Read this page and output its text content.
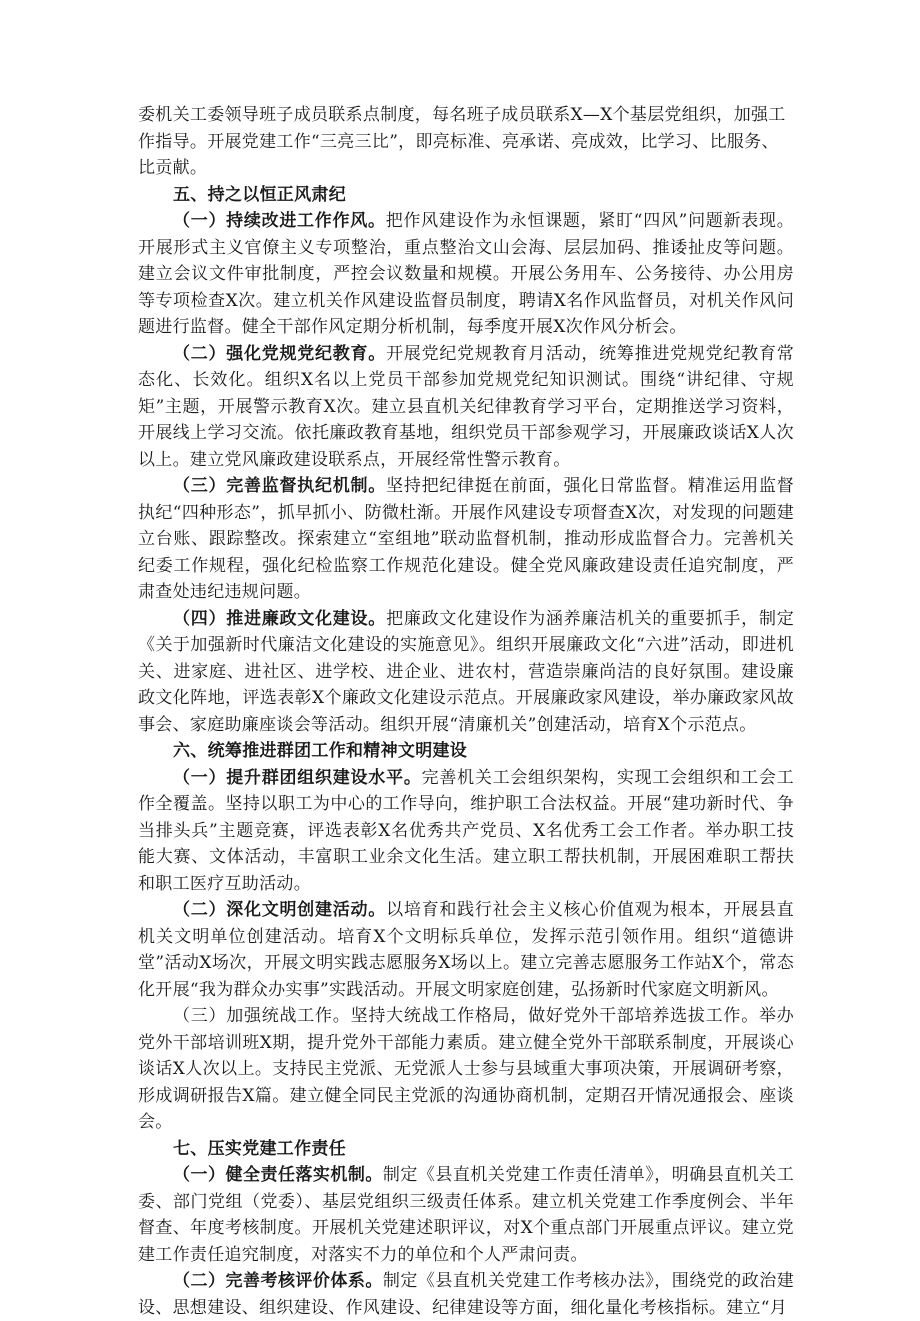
委机关工委领导班子成员联系点制度，每名班子成员联系X—X个基层党组织，加强工

作指导。开展党建工作“三亮三比”，即亮标准、亮承诺、亮成效，比学习、比服务、

比贡献。

五、持之以恒正风肃纪

（一）持续改进工作作风。把作风建设作为永恒课题，紧盯“四风”问题新表现。开展形式主义官僚主义专项整治，重点整治文山会海、层层加码、推诿扯皮等问题。建立会议文件审批制度，严控会议数量和规模。开展公务用车、公务接待、办公用房等专项检查X次。建立机关作风建设监督员制度，聘请X名作风监督员，对机关作风问题进行监督。健全干部作风定期分析机制，每季度开展X次作风分析会。

（二）强化党规党纪教育。开展党纪党规教育月活动，统筹推进党规党纪教育常态化、长效化。组织X名以上党员干部参加党规党纪知识测试。围绕“讲纪律、守规矩”主题，开展警示教育X次。建立县直机关纪律教育学习平台，定期推送学习资料，开展线上学习交流。依托廉政教育基地，组织党员干部参观学习，开展廉政谈话X人次以上。建立党风廉政建设联系点，开展经常性警示教育。

（三）完善监督执纪机制。坚持把纪律挺在前面，强化日常监督。精准运用监督执纪“四种形态”，抓早抓小、防微杜渐。开展作风建设专项督查X次，对发现的问题建立台账、跟踪整改。探索建立“室组地”联动监督机制，推动形成监督合力。完善机关纪委工作规程，强化纪检监察工作规范化建设。健全党风廉政建设责任追究制度，严肃查处违纪违规问题。

（四）推进廉政文化建设。把廉政文化建设作为涵养廉洁机关的重要抓手，制定《关于加强新时代廉洁文化建设的实施意见》。组织开展廉政文化“六进”活动，即进机关、进家庭、进社区、进学校、进企业、进农村，营造崇廉尚洁的良好氛围。建设廉政文化阵地，评选表彰X个廉政文化建设示范点。开展廉政家风建设，举办廉政家风故事会、家庭助廉座谈会等活动。组织开展“清廉机关”创建活动，培育X个示范点。

六、统筹推进群团工作和精神文明建设

（一）提升群团组织建设水平。完善机关工会组织架构，实现工会组织和工会工作全覆盖。坚持以职工为中心的工作导向，维护职工合法权益。开展“建功新时代、争当排头兵”主题竞赛，评选表彰X名优秀共产党员、X名优秀工会工作者。举办职工技能大赛、文体活动，丰富职工业余文化生活。建立职工帮扶机制，开展困难职工帮扶和职工医疗互助活动。

（二）深化文明创建活动。以培育和践行社会主义核心价值观为根本，开展县直机关文明单位创建活动。培育X个文明标兵单位，发挥示范引领作用。组织“道德讲堂”活动X场次，开展文明实践志愿服务X场以上。建立完善志愿服务工作站X个，常态化开展“我为群众办实事”实践活动。开展文明家庭创建，弘扬新时代家庭文明新风。

（三）加强统战工作。坚持大统战工作格局，做好党外干部培养选拔工作。举办党外干部培训班X期，提升党外干部能力素质。建立健全党外干部联系制度，开展谈心谈话X人次以上。支持民主党派、无党派人士参与县域重大事项决策，开展调研考察，形成调研报告X篇。建立健全同民主党派的沟通协商机制，定期召开情况通报会、座谈会。

七、压实党建工作责任

（一）健全责任落实机制。制定《县直机关党建工作责任清单》，明确县直机关工委、部门党组（党委）、基层党组织三级责任体系。建立机关党建工作季度例会、半年督查、年度考核制度。开展机关党建述职评议，对X个重点部门开展重点评议。建立党建工作责任追究制度，对落实不力的单位和个人严肃问责。

（二）完善考核评价体系。制定《县直机关党建工作考核办法》，围绕党的政治建设、思想建设、组织建设、作风建设、纪律建设等方面，细化量化考核指标。建立“月
